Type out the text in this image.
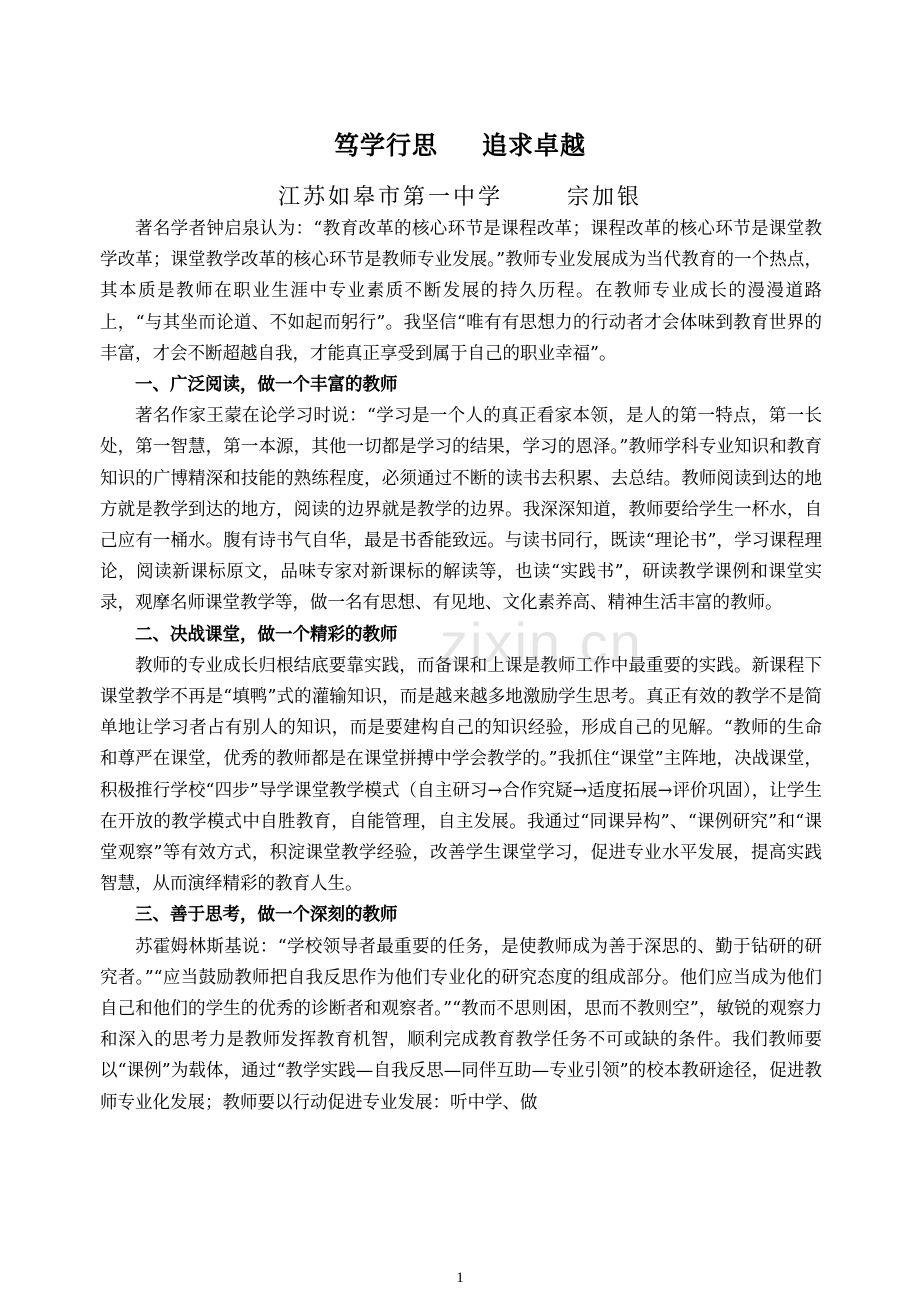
笃学行思 追求卓越
江苏如皋市第一中学	宗加银

著名学者钟启泉认为：“教育改革的核心环节是课程改革；课程改革的核心环节是课堂教学改革；课堂教学改革的核心环节是教师专业发展。”教师专业发展成为当代教育的一个热点，其本质是教师在职业生涯中专业素质不断发展的持久历程。在教师专业成长的漫漫道路上，“与其坐而论道、不如起而躬行”。我坚信“唯有有思想力的行动者才会体味到教育世界的丰富，才会不断超越自我，才能真正享受到属于自己的职业幸福”。

一、广泛阅读，做一个丰富的教师

著名作家王蒙在论学习时说：“学习是一个人的真正看家本领，是人的第一特点，第一长处，第一智慧，第一本源，其他一切都是学习的结果，学习的恩泽。”教师学科专业知识和教育知识的广博精深和技能的熟练程度，必须通过不断的读书去积累、去总结。教师阅读到达的地方就是教学到达的地方，阅读的边界就是教学的边界。我深深知道，教师要给学生一杯水，自己应有一桶水。腹有诗书气自华，最是书香能致远。与读书同行，既读“理论书”，学习课程理论，阅读新课标原文，品味专家对新课标的解读等，也读“实践书”，研读教学课例和课堂实录，观摩名师课堂教学等，做一名有思想、有见地、文化素养高、精神生活丰富的教师。

二、决战课堂，做一个精彩的教师

教师的专业成长归根结底要靠实践，而备课和上课是教师工作中最重要的实践。新课程下课堂教学不再是“填鸭”式的灌输知识，而是越来越多地激励学生思考。真正有效的教学不是简单地让学习者占有别人的知识，而是要建构自己的知识经验，形成自己的见解。“教师的生命和尊严在课堂，优秀的教师都是在课堂拼搏中学会教学的。”我抓住“课堂”主阵地，决战课堂，积极推行学校“四步”导学课堂教学模式（自主研习→合作究疑→适度拓展→评价巩固），让学生在开放的教学模式中自胜教育，自能管理，自主发展。我通过“同课异构”、“课例研究”和“课堂观察”等有效方式，积淀课堂教学经验，改善学生课堂学习，促进专业水平发展，提高实践智慧，从而演绎精彩的教育人生。

三、善于思考，做一个深刻的教师

苏霍姆林斯基说：“学校领导者最重要的任务，是使教师成为善于深思的、勤于钻研的研究者。”“应当鼓励教师把自我反思作为他们专业化的研究态度的组成部分。他们应当成为他们自己和他们的学生的优秀的诊断者和观察者。”“教而不思则困，思而不教则空”，敏锐的观察力和深入的思考力是教师发挥教育机智，顺利完成教育教学任务不可或缺的条件。我们教师要以“课例”为载体，通过“教学实践—自我反思—同伴互助—专业引领”的校本教研途径，促进教师专业化发展；教师要以行动促进专业发展：听中学、做

zixin.cn
1
